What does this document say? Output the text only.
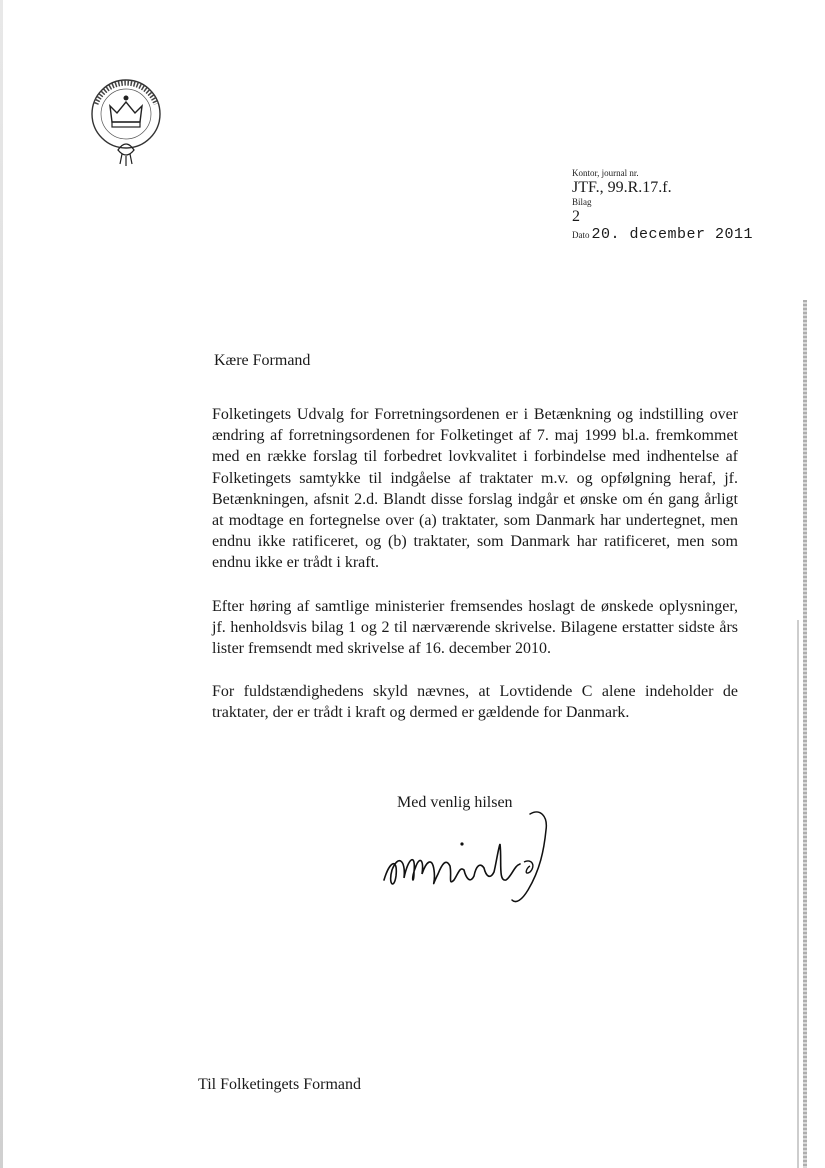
Kontor, journal nr.
JTF., 99.R.17.f.
Bilag
2
Dato 20. december 2011
Kære Formand

Folketingets Udvalg for Forretningsordenen er i Betænkning og indstilling over ændring af forretningsordenen for Folketinget af 7. maj 1999 bl.a. fremkommet med en række forslag til forbedret lovkvalitet i forbindelse med indhentelse af Folketingets samtykke til indgåelse af traktater m.v. og opfølgning heraf, jf. Betænkningen, afsnit 2.d. Blandt disse forslag indgår et ønske om én gang årligt at modtage en fortegnelse over (a) traktater, som Danmark har undertegnet, men endnu ikke ratificeret, og (b) traktater, som Danmark har ratificeret, men som endnu ikke er trådt i kraft.

Efter høring af samtlige ministerier fremsendes hoslagt de ønskede oplysninger, jf. henholdsvis bilag 1 og 2 til nærværende skrivelse. Bilagene erstatter sidste års lister fremsendt med skrivelse af 16. december 2010.

For fuldstændighedens skyld nævnes, at Lovtidende C alene indeholder de traktater, der er trådt i kraft og dermed er gældende for Danmark.

Med venlig hilsen
Til Folketingets Formand
